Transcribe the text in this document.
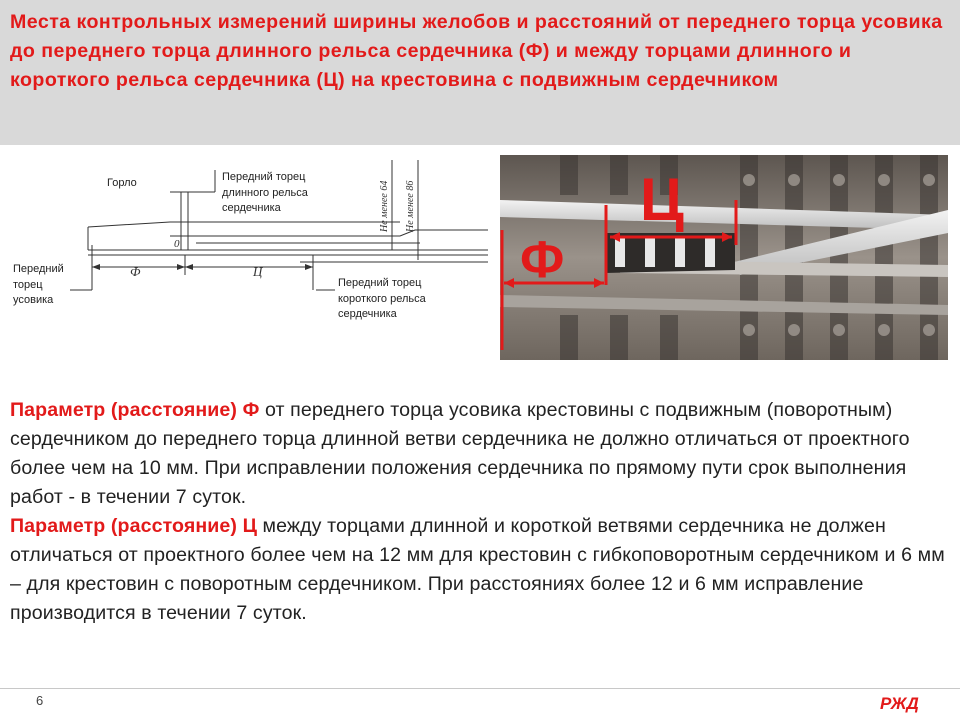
Места контрольных измерений ширины желобов и расстояний от переднего торца усовика до переднего торца длинного рельса сердечника (Ф) и между торцами длинного и короткого рельса сердечника (Ц) на крестовина с подвижным сердечником
0
Ф	Ц
Не менее 64 Не менее 86
Горло	Передний торец
длинного рельса
сердечника
Передний
торец
усовика
Передний торец
короткого рельса
сердечника
Ф
Ц
Параметр (расстояние) Ф от переднего торца усовика крестовины с подвижным (поворотным) сердечником до переднего торца длинной ветви сердечника не должно отличаться от проектного более чем на 10 мм. При исправлении положения сердечника по прямому пути срок выполнения работ - в течении 7 суток.
Параметр (расстояние) Ц между торцами длинной и короткой ветвями сердечника не должен отличаться от проектного более чем на 12 мм для крестовин с гибкоповоротным сердечником и 6 мм – для крестовин с поворотным сердечником. При расстояниях более 12 и 6 мм исправление производится в течении 7 суток.
6	РЖД
